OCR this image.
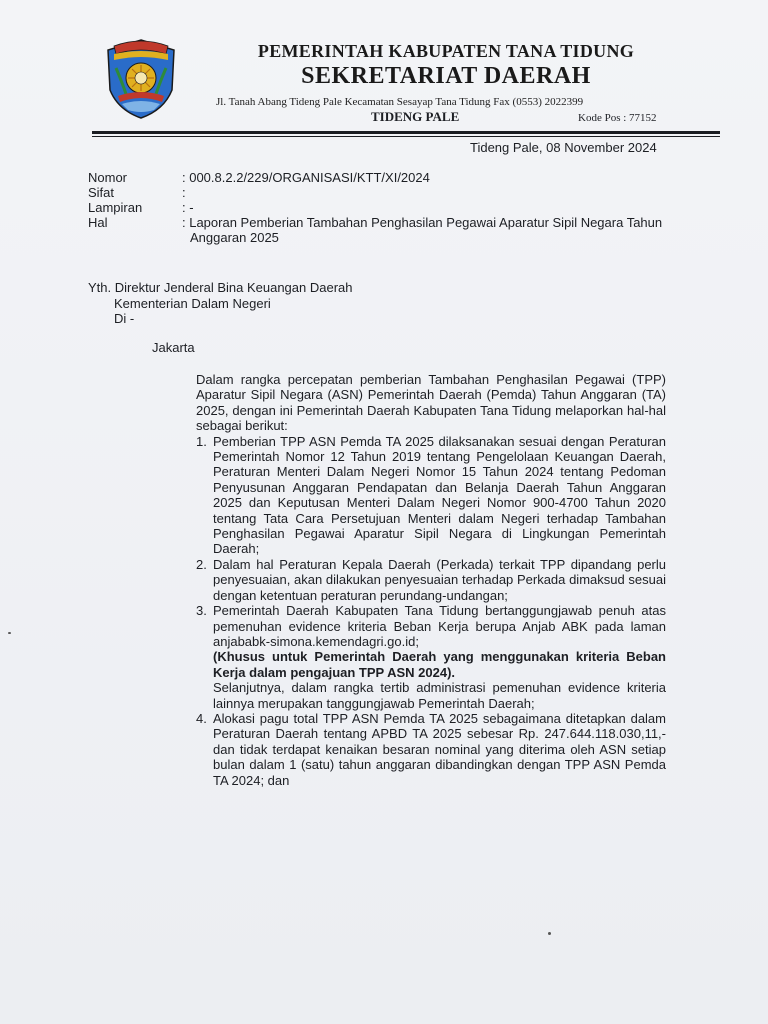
PEMERINTAH KABUPATEN TANA TIDUNG
SEKRETARIAT DAERAH
Jl. Tanah Abang Tideng Pale Kecamatan Sesayap Tana Tidung Fax (0553) 2022399
TIDENG PALE	Kode Pos : 77152
Tideng Pale, 08 November 2024
Nomor	: 000.8.2.2/229/ORGANISASI/KTT/XI/2024
Sifat	:
Lampiran	: -
Hal	: Laporan Pemberian Tambahan Penghasilan Pegawai Aparatur Sipil Negara Tahun Anggaran 2025
Yth. Direktur Jenderal Bina Keuangan Daerah
Kementerian Dalam Negeri
Di -
Jakarta

Dalam rangka percepatan pemberian Tambahan Penghasilan Pegawai (TPP) Aparatur Sipil Negara (ASN) Pemerintah Daerah (Pemda) Tahun Anggaran (TA) 2025, dengan ini Pemerintah Daerah Kabupaten Tana Tidung melaporkan hal-hal sebagai berikut:

1. Pemberian TPP ASN Pemda TA 2025 dilaksanakan sesuai dengan Peraturan Pemerintah Nomor 12 Tahun 2019 tentang Pengelolaan Keuangan Daerah, Peraturan Menteri Dalam Negeri Nomor 15 Tahun 2024 tentang Pedoman Penyusunan Anggaran Pendapatan dan Belanja Daerah Tahun Anggaran 2025 dan Keputusan Menteri Dalam Negeri Nomor 900-4700 Tahun 2020 tentang Tata Cara Persetujuan Menteri dalam Negeri terhadap Tambahan Penghasilan Pegawai Aparatur Sipil Negara di Lingkungan Pemerintah Daerah;
2. Dalam hal Peraturan Kepala Daerah (Perkada) terkait TPP dipandang perlu penyesuaian, akan dilakukan penyesuaian terhadap Perkada dimaksud sesuai dengan ketentuan peraturan perundang-undangan;
3. Pemerintah Daerah Kabupaten Tana Tidung bertanggungjawab penuh atas pemenuhan evidence kriteria Beban Kerja berupa Anjab ABK pada laman anjababk-simona.kemendagri.go.id;
(Khusus untuk Pemerintah Daerah yang menggunakan kriteria Beban Kerja dalam pengajuan TPP ASN 2024).
Selanjutnya, dalam rangka tertib administrasi pemenuhan evidence kriteria lainnya merupakan tanggungjawab Pemerintah Daerah;
4. Alokasi pagu total TPP ASN Pemda TA 2025 sebagaimana ditetapkan dalam Peraturan Daerah tentang APBD TA 2025 sebesar Rp. 247.644.118.030,11,- dan tidak terdapat kenaikan besaran nominal yang diterima oleh ASN setiap bulan dalam 1 (satu) tahun anggaran dibandingkan dengan TPP ASN Pemda TA 2024; dan
